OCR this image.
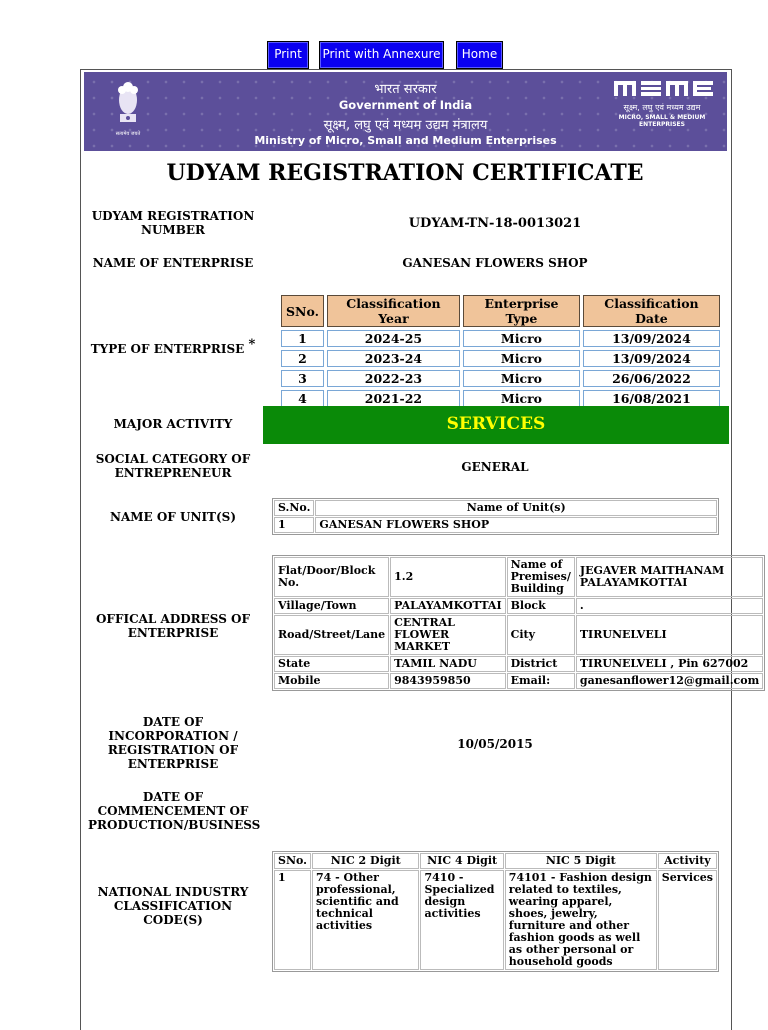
Print	Print with Annexure	Home
सत्यमेव जयते
भारत सरकार
Government of India
सूक्ष्म, लघु एवं मध्यम उद्यम मंत्रालय
Ministry of Micro, Small and Medium Enterprises
सूक्ष्म, लघु एवं मध्यम उद्यम
MICRO, SMALL & MEDIUM ENTERPRISES
UDYAM REGISTRATION CERTIFICATE
UDYAM REGISTRATION NUMBER	UDYAM-TN-18-0013021
NAME OF ENTERPRISE	GANESAN FLOWERS SHOP
TYPE OF ENTERPRISE *
SNo.	Classification Year	Enterprise Type	Classification Date
1	2024-25	Micro	13/09/2024
2	2023-24	Micro	13/09/2024
3	2022-23	Micro	26/06/2022
4	2021-22	Micro	16/08/2021
MAJOR ACTIVITY	SERVICES
SOCIAL CATEGORY OF ENTREPRENEUR	GENERAL
NAME OF UNIT(S)
S.No.	Name of Unit(s)
1	GANESAN FLOWERS SHOP
OFFICAL ADDRESS OF ENTERPRISE
Flat/Door/Block No.	1.2	Name of Premises/ Building	JEGAVER MAITHANAM PALAYAMKOTTAI
Village/Town	PALAYAMKOTTAI	Block	.
Road/Street/Lane	CENTRAL FLOWER MARKET	City	TIRUNELVELI
State	TAMIL NADU	District	TIRUNELVELI , Pin 627002
Mobile	9843959850	Email:	ganesanflower12@gmail.com
DATE OF INCORPORATION / REGISTRATION OF ENTERPRISE
10/05/2015
DATE OF COMMENCEMENT OF PRODUCTION/BUSINESS
NATIONAL INDUSTRY CLASSIFICATION CODE(S)
SNo.	NIC 2 Digit	NIC 4 Digit	NIC 5 Digit	Activity
1	74 - Other professional, scientific and technical activities	7410 - Specialized design activities	74101 - Fashion design related to textiles, wearing apparel, shoes, jewelry, furniture and other fashion goods as well as other personal or household goods	Services
